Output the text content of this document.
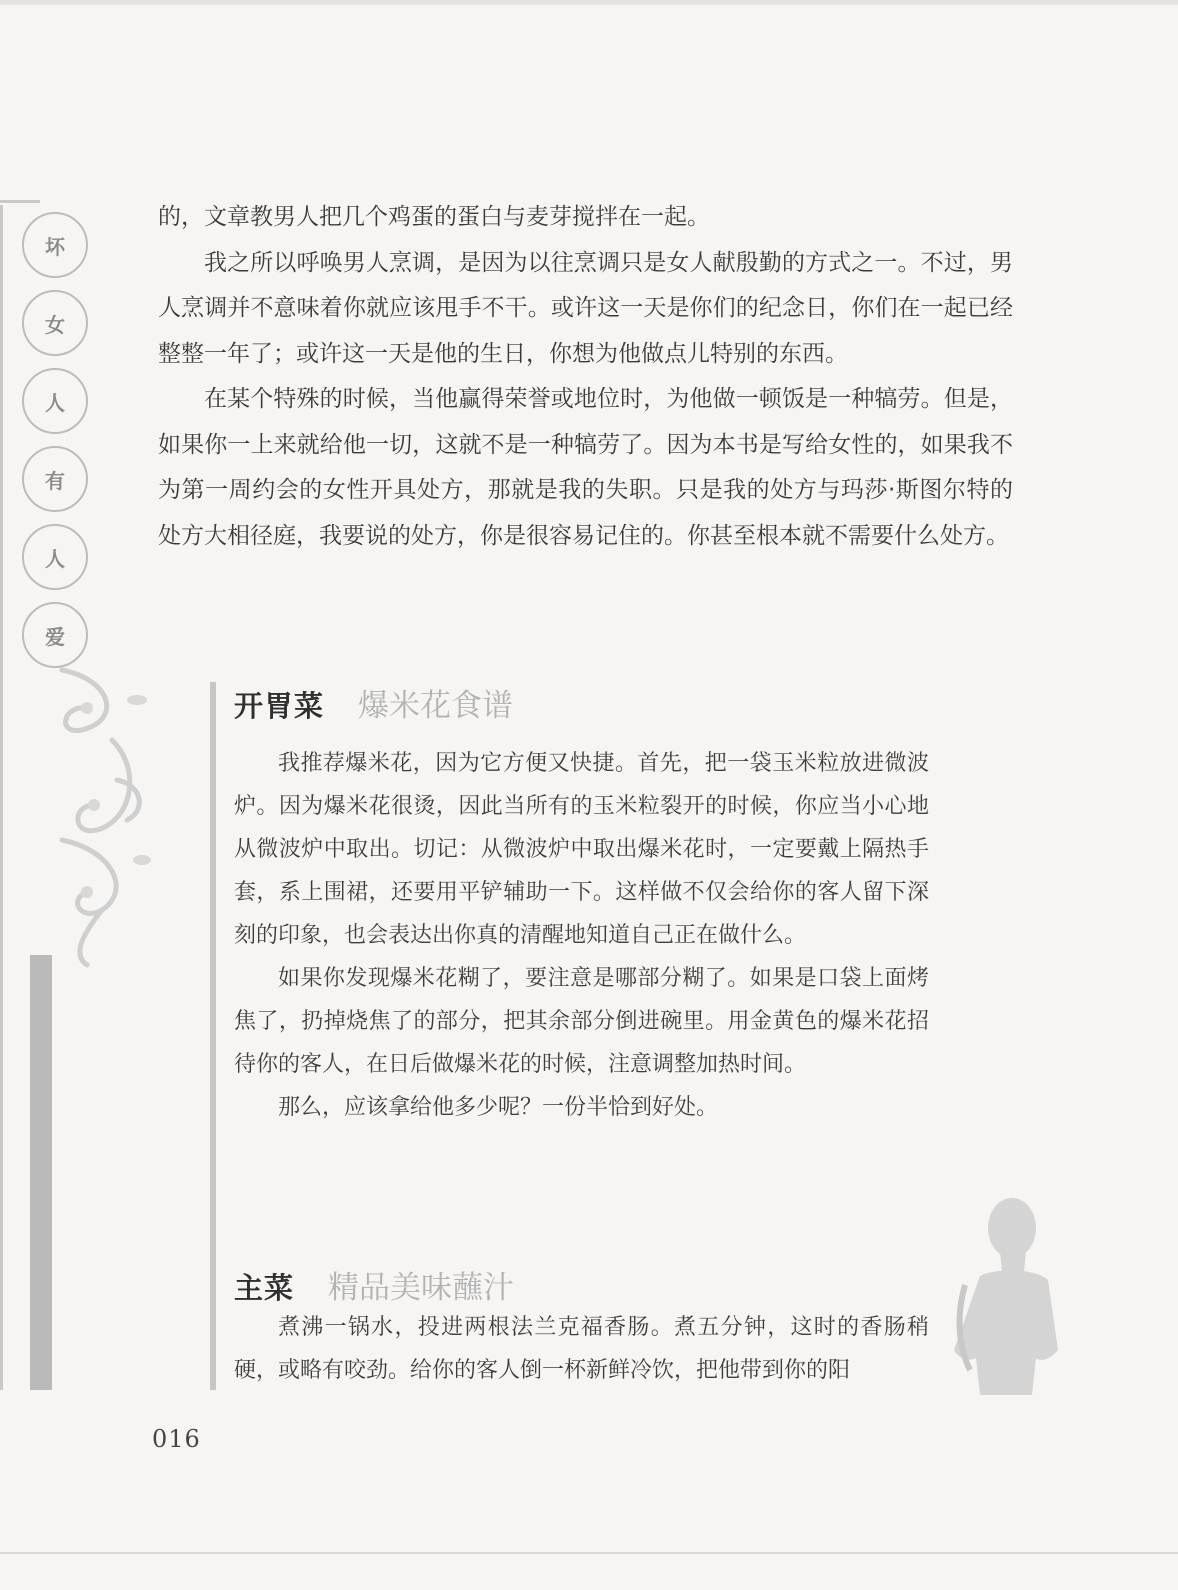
坏
女
人
有
人
爱

的，文章教男人把几个鸡蛋的蛋白与麦芽搅拌在一起。

我之所以呼唤男人烹调，是因为以往烹调只是女人献殷勤的方式之一。不过，男人烹调并不意味着你就应该甩手不干。或许这一天是你们的纪念日，你们在一起已经整整一年了；或许这一天是他的生日，你想为他做点儿特别的东西。

在某个特殊的时候，当他赢得荣誉或地位时，为他做一顿饭是一种犒劳。但是，如果你一上来就给他一切，这就不是一种犒劳了。因为本书是写给女性的，如果我不为第一周约会的女性开具处方，那就是我的失职。只是我的处方与玛莎·斯图尔特的处方大相径庭，我要说的处方，你是很容易记住的。你甚至根本就不需要什么处方。

开胃菜 爆米花食谱

我推荐爆米花，因为它方便又快捷。首先，把一袋玉米粒放进微波炉。因为爆米花很烫，因此当所有的玉米粒裂开的时候，你应当小心地从微波炉中取出。切记：从微波炉中取出爆米花时，一定要戴上隔热手套，系上围裙，还要用平铲辅助一下。这样做不仅会给你的客人留下深刻的印象，也会表达出你真的清醒地知道自己正在做什么。

如果你发现爆米花糊了，要注意是哪部分糊了。如果是口袋上面烤焦了，扔掉烧焦了的部分，把其余部分倒进碗里。用金黄色的爆米花招待你的客人，在日后做爆米花的时候，注意调整加热时间。

那么，应该拿给他多少呢？一份半恰到好处。

主菜 精品美味蘸汁

煮沸一锅水，投进两根法兰克福香肠。煮五分钟，这时的香肠稍硬，或略有咬劲。给你的客人倒一杯新鲜冷饮，把他带到你的阳

016
